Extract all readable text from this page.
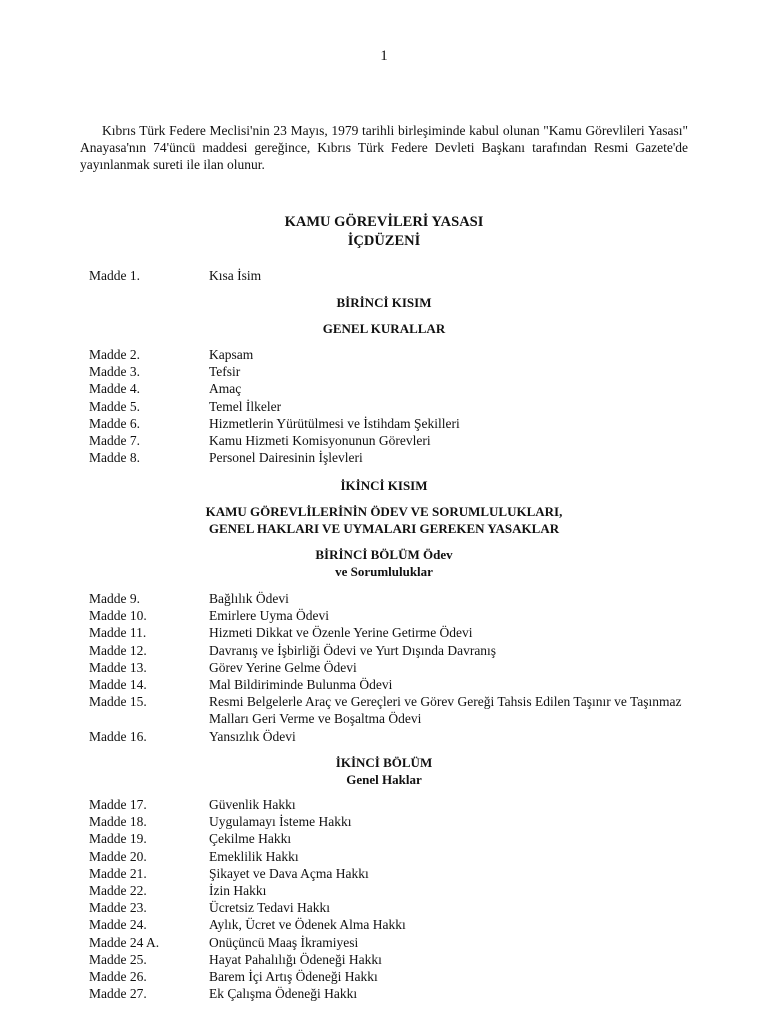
1

Kıbrıs Türk Federe Meclisi'nin 23 Mayıs, 1979 tarihli birleşiminde kabul olunan "Kamu Görevlileri Yasası" Anayasa'nın 74'üncü maddesi gereğince, Kıbrıs Türk Federe Devleti Başkanı tarafından Resmi Gazete'de yayınlanmak sureti ile ilan olunur.

KAMU GÖREVİLERİ YASASI
İÇDÜZENİ
Madde 1.	Kısa İsim
BİRİNCİ KISIM
GENEL KURALLAR
Madde 2.	Kapsam
Madde 3.	Tefsir
Madde 4.	Amaç
Madde 5.	Temel İlkeler
Madde 6.	Hizmetlerin Yürütülmesi ve İstihdam Şekilleri
Madde 7.	Kamu Hizmeti Komisyonunun Görevleri
Madde 8.	Personel Dairesinin İşlevleri
İKİNCİ KISIM
KAMU GÖREVLİLERİNİN ÖDEV VE SORUMLULUKLARI,
GENEL HAKLARI VE UYMALARI GEREKEN YASAKLAR
BİRİNCİ BÖLÜM Ödev
ve Sorumluluklar
Madde 9.	Bağlılık Ödevi
Madde 10.	Emirlere Uyma Ödevi
Madde 11.	Hizmeti Dikkat ve Özenle Yerine Getirme Ödevi
Madde 12.	Davranış ve İşbirliği Ödevi ve Yurt Dışında Davranış
Madde 13.	Görev Yerine Gelme Ödevi
Madde 14.	Mal Bildiriminde Bulunma Ödevi
Madde 15.	Resmi Belgelerle Araç ve Gereçleri ve Görev Gereği Tahsis Edilen Taşınır ve Taşınmaz Malları Geri Verme ve Boşaltma Ödevi
Madde 16.	Yansızlık Ödevi
İKİNCİ BÖLÜM
Genel Haklar
Madde 17.	Güvenlik Hakkı
Madde 18.	Uygulamayı İsteme Hakkı
Madde 19.	Çekilme Hakkı
Madde 20.	Emeklilik Hakkı
Madde 21.	Şikayet ve Dava Açma Hakkı
Madde 22.	İzin Hakkı
Madde 23.	Ücretsiz Tedavi Hakkı
Madde 24.	Aylık, Ücret ve Ödenek Alma Hakkı
Madde 24 A.	Onüçüncü Maaş İkramiyesi
Madde 25.	Hayat Pahalılığı Ödeneği Hakkı
Madde 26.	Barem İçi Artış Ödeneği Hakkı
Madde 27.	Ek Çalışma Ödeneği Hakkı
